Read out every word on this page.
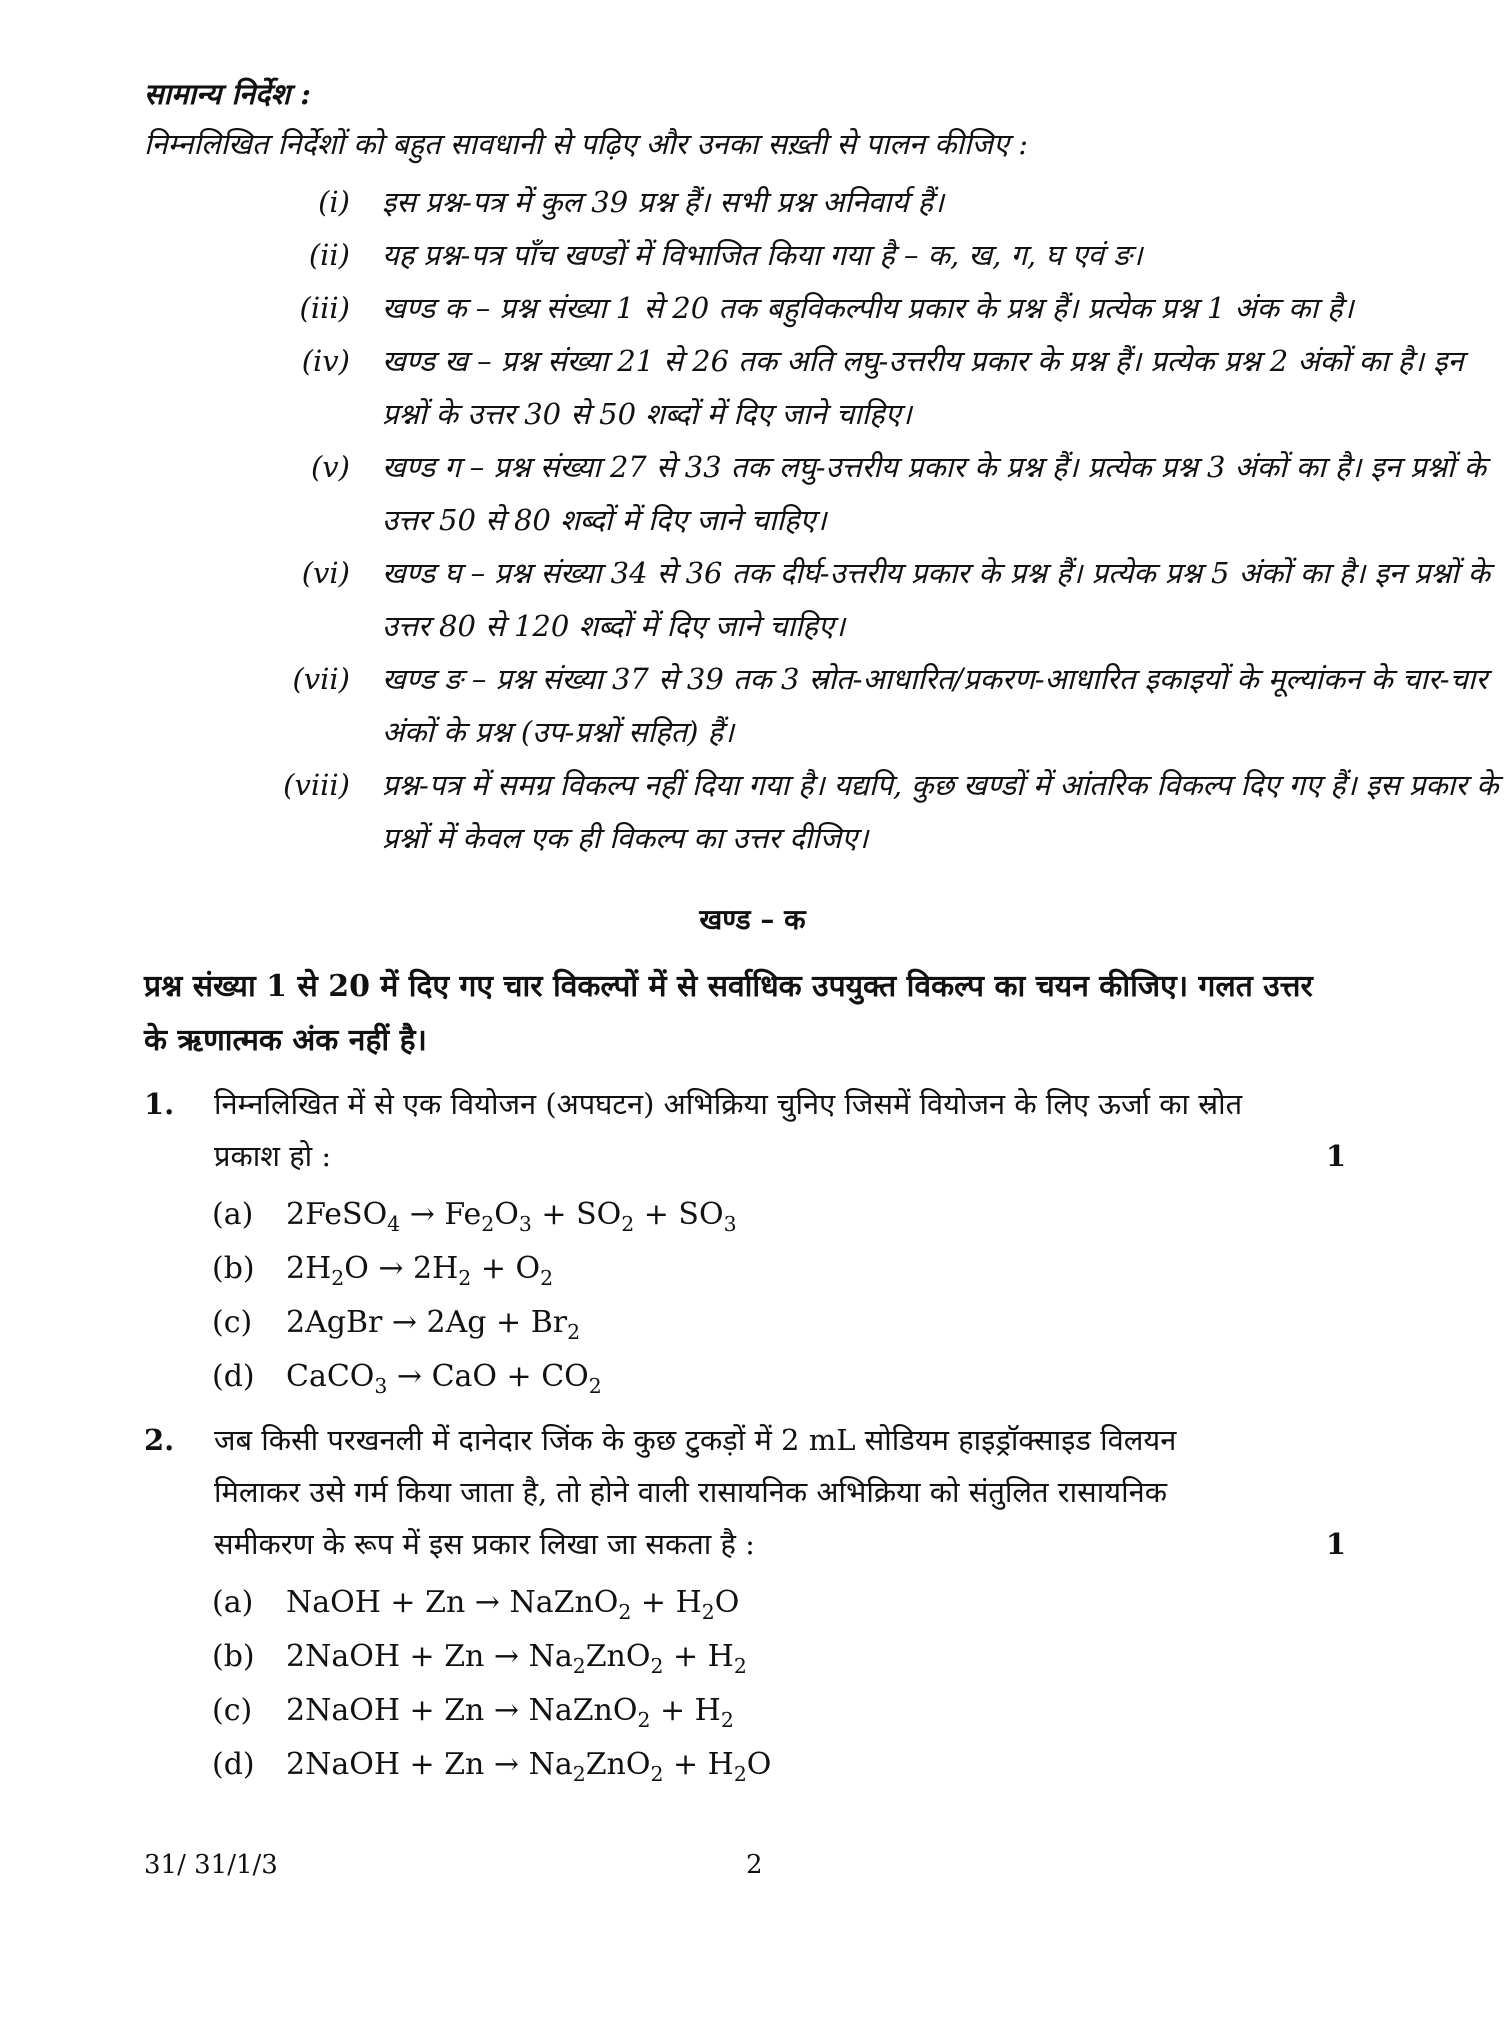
सामान्य निर्देश :
निम्नलिखित निर्देशों को बहुत सावधानी से पढ़िए और उनका सख़्ती से पालन कीजिए :
(i) इस प्रश्न-पत्र में कुल 39 प्रश्न हैं। सभी प्रश्न अनिवार्य हैं।
(ii) यह प्रश्न-पत्र पाँच खण्डों में विभाजित किया गया है – क, ख, ग, घ एवं ङ।
(iii) खण्ड क – प्रश्न संख्या 1 से 20 तक बहुविकल्पीय प्रकार के प्रश्न हैं। प्रत्येक प्रश्न 1 अंक का है।
(iv) खण्ड ख – प्रश्न संख्या 21 से 26 तक अति लघु-उत्तरीय प्रकार के प्रश्न हैं। प्रत्येक प्रश्न 2 अंकों का है। इन प्रश्नों के उत्तर 30 से 50 शब्दों में दिए जाने चाहिए।
(v) खण्ड ग – प्रश्न संख्या 27 से 33 तक लघु-उत्तरीय प्रकार के प्रश्न हैं। प्रत्येक प्रश्न 3 अंकों का है। इन प्रश्नों के उत्तर 50 से 80 शब्दों में दिए जाने चाहिए।
(vi) खण्ड घ – प्रश्न संख्या 34 से 36 तक दीर्घ-उत्तरीय प्रकार के प्रश्न हैं। प्रत्येक प्रश्न 5 अंकों का है। इन प्रश्नों के उत्तर 80 से 120 शब्दों में दिए जाने चाहिए।
(vii) खण्ड ङ – प्रश्न संख्या 37 से 39 तक 3 स्रोत-आधारित/प्रकरण-आधारित इकाइयों के मूल्यांकन के चार-चार अंकों के प्रश्न (उप-प्रश्नों सहित) हैं।
(viii) प्रश्न-पत्र में समग्र विकल्प नहीं दिया गया है। यद्यपि, कुछ खण्डों में आंतरिक विकल्प दिए गए हैं। इस प्रकार के प्रश्नों में केवल एक ही विकल्प का उत्तर दीजिए।
खण्ड – क
प्रश्न संख्या 1 से 20 में दिए गए चार विकल्पों में से सर्वाधिक उपयुक्त विकल्प का चयन कीजिए। गलत उत्तर के ऋणात्मक अंक नहीं है।
1. निम्नलिखित में से एक वियोजन (अपघटन) अभिक्रिया चुनिए जिसमें वियोजन के लिए ऊर्जा का स्रोत प्रकाश हो :	1
(a) 2FeSO$_4$ → $Fe_2O_3 + SO_2 + SO_3$
(b) $2H_2O \to 2H_2 + O_2$
(c) 2AgBr → $2Ag + Br_2$
(d) CaCO$_3$ → CaO + $CO_2$
2. जब किसी परखनली में दानेदार जिंक के कुछ टुकड़ों में 2 mL सोडियम हाइड्रॉक्साइड विलयन मिलाकर उसे गर्म किया जाता है, तो होने वाली रासायनिक अभिक्रिया को संतुलित रासायनिक समीकरण के रूप में इस प्रकार लिखा जा सकता है :	1
(a) NaOH + Zn → NaZnO$_2$ + $H_2O$
(b) 2NaOH + $Zn \to Na_2ZnO_2 + H_2$
(c) 2NaOH + Zn → NaZnO$_2$ + $H_2$
(d) 2NaOH + $Zn \to Na_2ZnO_2 + H_2O$
31/ 31/1/3	2
